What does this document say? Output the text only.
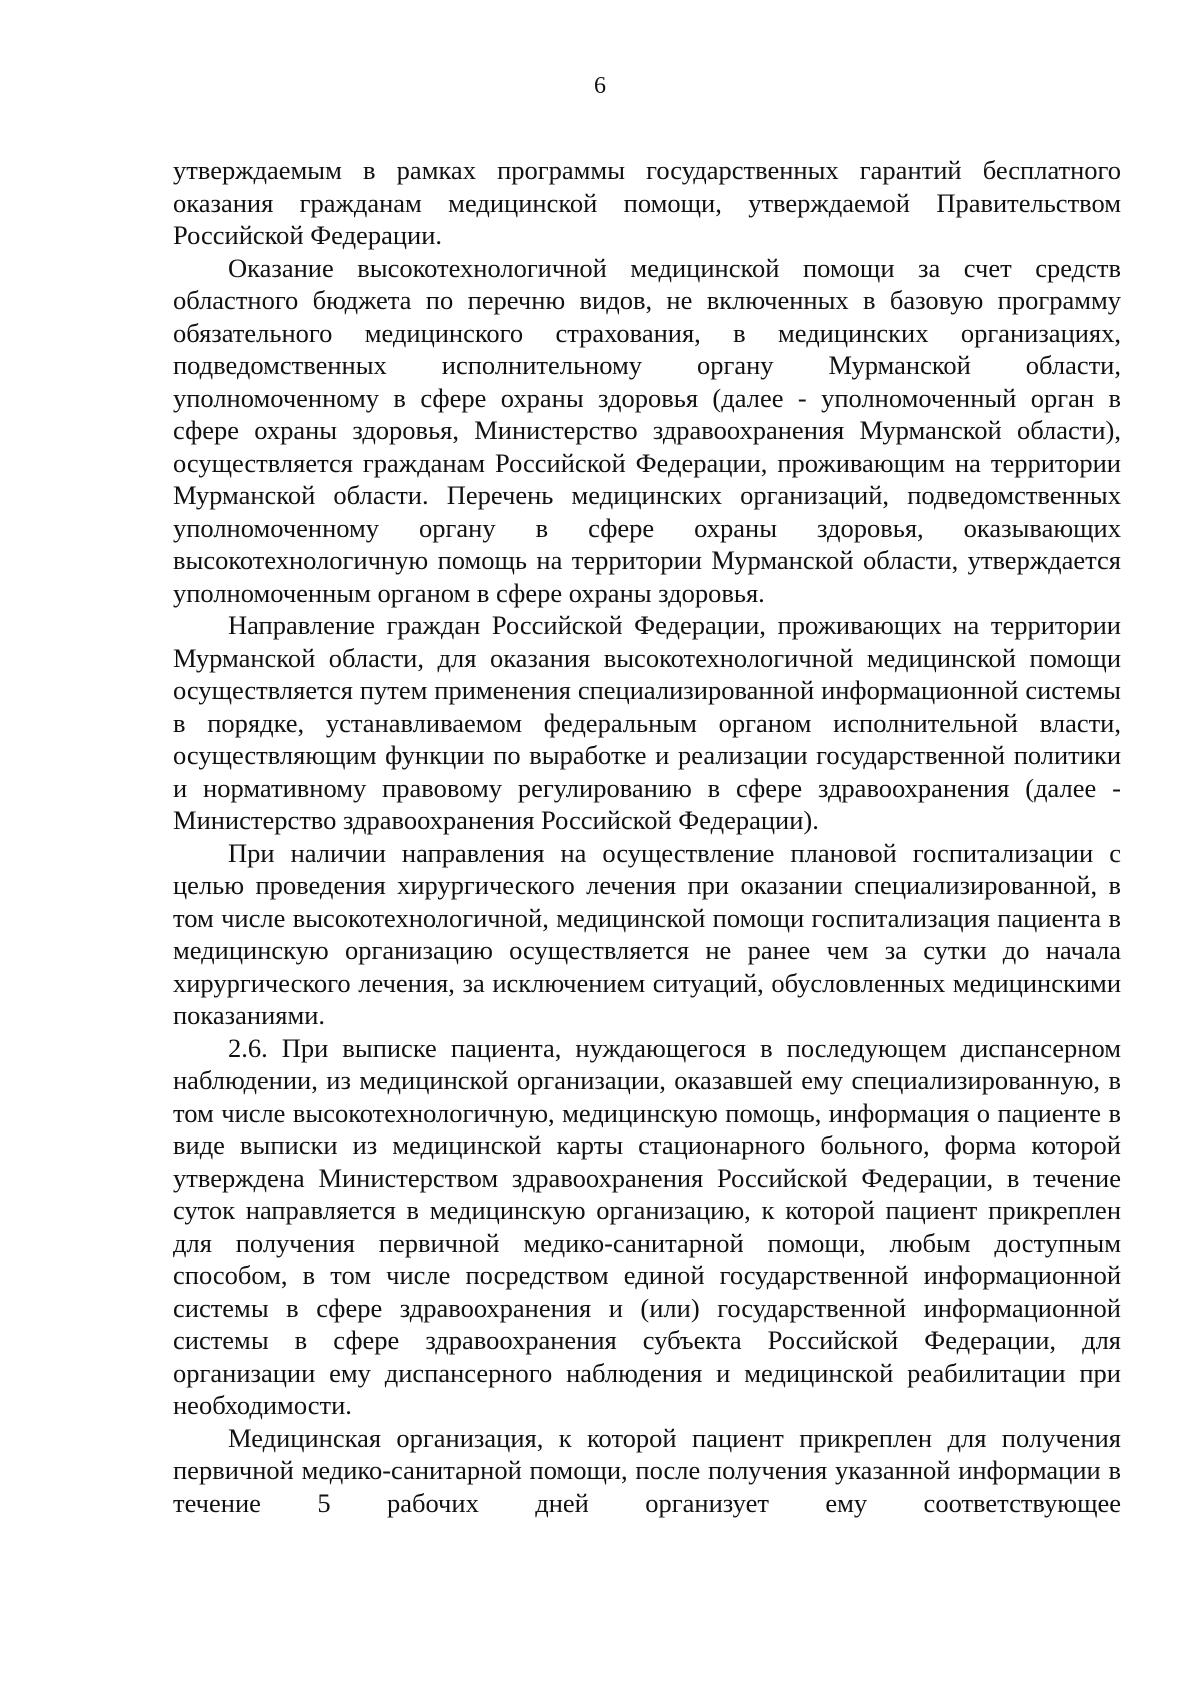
6

утверждаемым в рамках программы государственных гарантий бесплатного оказания гражданам медицинской помощи, утверждаемой Правительством Российской Федерации.

Оказание высокотехнологичной медицинской помощи за счет средств областного бюджета по перечню видов, не включенных в базовую программу обязательного медицинского страхования, в медицинских организациях, подведомственных исполнительному органу Мурманской области, уполномоченному в сфере охраны здоровья (далее - уполномоченный орган в сфере охраны здоровья, Министерство здравоохранения Мурманской области), осуществляется гражданам Российской Федерации, проживающим на территории Мурманской области. Перечень медицинских организаций, подведомственных уполномоченному органу в сфере охраны здоровья, оказывающих высокотехнологичную помощь на территории Мурманской области, утверждается уполномоченным органом в сфере охраны здоровья.

Направление граждан Российской Федерации, проживающих на территории Мурманской области, для оказания высокотехнологичной медицинской помощи осуществляется путем применения специализированной информационной системы в порядке, устанавливаемом федеральным органом исполнительной власти, осуществляющим функции по выработке и реализации государственной политики и нормативному правовому регулированию в сфере здравоохранения (далее - Министерство здравоохранения Российской Федерации).

При наличии направления на осуществление плановой госпитализации с целью проведения хирургического лечения при оказании специализированной, в том числе высокотехнологичной, медицинской помощи госпитализация пациента в медицинскую организацию осуществляется не ранее чем за сутки до начала хирургического лечения, за исключением ситуаций, обусловленных медицинскими показаниями.

2.6. При выписке пациента, нуждающегося в последующем диспансерном наблюдении, из медицинской организации, оказавшей ему специализированную, в том числе высокотехнологичную, медицинскую помощь, информация о пациенте в виде выписки из медицинской карты стационарного больного, форма которой утверждена Министерством здравоохранения Российской Федерации, в течение суток направляется в медицинскую организацию, к которой пациент прикреплен для получения первичной медико-санитарной помощи, любым доступным способом, в том числе посредством единой государственной информационной системы в сфере здравоохранения и (или) государственной информационной системы в сфере здравоохранения субъекта Российской Федерации, для организации ему диспансерного наблюдения и медицинской реабилитации при необходимости.

Медицинская организация, к которой пациент прикреплен для получения первичной медико-санитарной помощи, после получения указанной информации в течение 5 рабочих дней организует ему соответствующее
